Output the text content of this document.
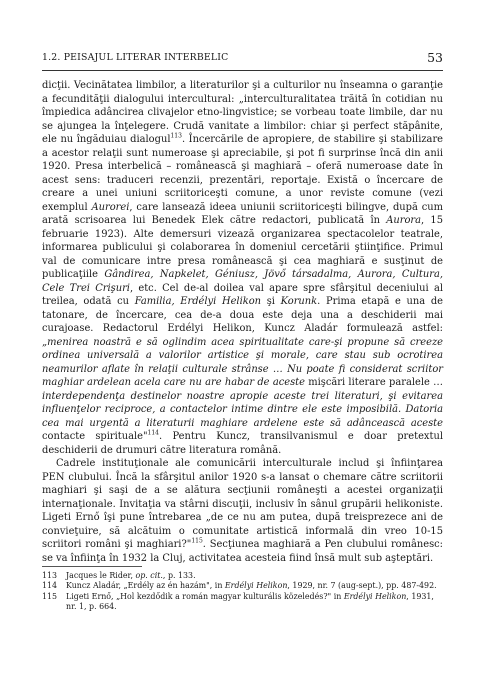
1.2. PEISAJUL LITERAR INTERBELIC	53

dicţii. Vecinătatea limbilor, a literaturilor şi a culturilor nu înseamna o garanţie a fecundităţii dialogului intercultural: „interculturalitatea trăită în cotidian nu împiedica adâncirea clivajelor etno-lingvistice; se vorbeau toate limbile, dar nu se ajungea la înţelegere. Crudă vanitate a limbilor: chiar şi perfect stăpânite, ele nu îngăduiau dialogul$^{113}$. Încercările de apropiere, de stabilire şi stabilizare a acestor relaţii sunt numeroase şi apreciabile, şi pot fi surprinse încă din anii 1920. Presa interbelică – românească şi maghiară – oferă numeroase date în acest sens: traduceri recenzii, prezentări, reportaje. Există o încercare de creare a unei uniuni scriitoriceşti comune, a unor reviste comune (vezi exemplul Aurorei, care lansează ideea uniunii scriitoriceşti bilingve, după cum arată scrisoarea lui Benedek Elek către redactori, publicată în Aurora, 15 februarie 1923). Alte demersuri vizează organizarea spectacolelor teatrale, informarea publicului şi colaborarea în domeniul cercetării ştiinţifice. Primul val de comunicare intre presa românească şi cea maghiară e susţinut de publicaţiile Gândirea, Napkelet, Géniusz, Jövő társadalma, Aurora, Cultura, Cele Trei Crişuri, etc. Cel de-al doilea val apare spre sfârşitul deceniului al treilea, odată cu Familia, Erdélyi Helikon şi Korunk. Prima etapă e una de tatonare, de încercare, cea de-a doua este deja una a deschiderii mai curajoase. Redactorul Erdélyi Helikon, Kuncz Aladár formulează astfel: „menirea noastră e să oglindim acea spiritualitate care-şi propune să creeze ordinea universală a valorilor artistice şi morale, care stau sub ocrotirea neamurilor aflate în relaţii culturale strânse … Nu poate fi considerat scriitor maghiar ardelean acela care nu are habar de aceste mişcări literare paralele … interdependenţa destinelor noastre apropie aceste trei literaturi, şi evitarea influenţelor reciproce, a contactelor intime dintre ele este imposibilă. Datoria cea mai urgentă a literaturii maghiare ardelene este să adâncească acestе contacte spirituale"$^{114}$. Pentru Kuncz, transilvanismul e doar pretextul deschiderii de drumuri către literatura română.

Cadrele instituţionale ale comunicării interculturale includ şi înfiinţarea PEN clubului. Încă la sfârşitul anilor 1920 s-a lansat o chemare către scriitorii maghiari şi saşi de a se alătura secţiunii româneşti a acestei organizaţii internaţionale. Invitaţia va stârni discuţii, inclusiv în sânul grupării helikoniste. Ligeti Ernő îşi pune întrebarea „de ce nu am putea, după treisprezece ani de convieţuire, să alcătuim o comunitate artistică informală din vreo 10-15 scriitori români şi maghiari?"$^{115}$. Secţiunea maghiară a Pen clubului românesc: se va înfiinţa în 1932 la Cluj, activitatea acesteia fiind însă mult sub aşteptări.

113 Jacques le Rider, op. cit., p. 133.
114 Kuncz Aladár, „Erdély az én hazám", in Erdélyi Helikon, 1929, nr. 7 (aug-sept.), pp. 487-492.
115 Ligeti Ernő, „Hol kezdődik a román magyar kulturális közeledés?" in Erdélyi Helikon, 1931, nr. 1, p. 664.
